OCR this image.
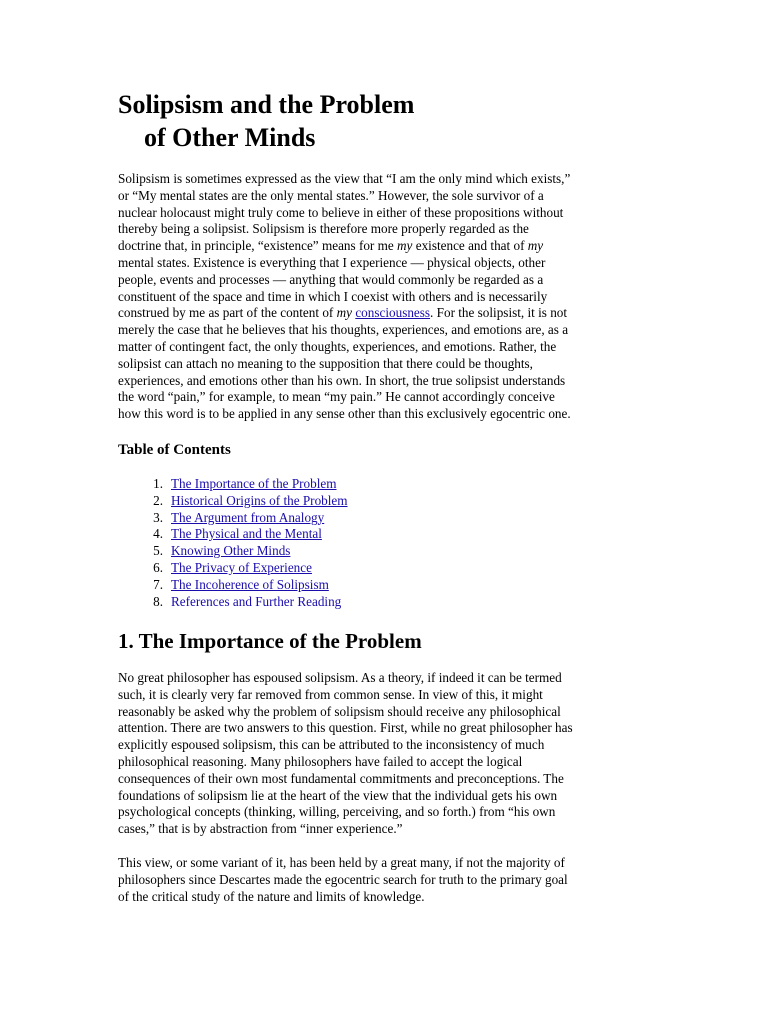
Solipsism and the Problem
of Other Minds

Solipsism is sometimes expressed as the view that “I am the only mind which exists,”
or “My mental states are the only mental states.” However, the sole survivor of a
nuclear holocaust might truly come to believe in either of these propositions without
thereby being a solipsist. Solipsism is therefore more properly regarded as the
doctrine that, in principle, “existence” means for me my existence and that of my
mental states. Existence is everything that I experience — physical objects, other
people, events and processes — anything that would commonly be regarded as a
constituent of the space and time in which I coexist with others and is necessarily
construed by me as part of the content of my consciousness. For the solipsist, it is not
merely the case that he believes that his thoughts, experiences, and emotions are, as a
matter of contingent fact, the only thoughts, experiences, and emotions. Rather, the
solipsist can attach no meaning to the supposition that there could be thoughts,
experiences, and emotions other than his own. In short, the true solipsist understands
the word “pain,” for example, to mean “my pain.” He cannot accordingly conceive
how this word is to be applied in any sense other than this exclusively egocentric one.

Table of Contents
1. The Importance of the Problem
2. Historical Origins of the Problem
3. The Argument from Analogy
4. The Physical and the Mental
5. Knowing Other Minds
6. The Privacy of Experience
7. The Incoherence of Solipsism
8. References and Further Reading
1. The Importance of the Problem

No great philosopher has espoused solipsism. As a theory, if indeed it can be termed
such, it is clearly very far removed from common sense. In view of this, it might
reasonably be asked why the problem of solipsism should receive any philosophical
attention. There are two answers to this question. First, while no great philosopher has
explicitly espoused solipsism, this can be attributed to the inconsistency of much
philosophical reasoning. Many philosophers have failed to accept the logical
consequences of their own most fundamental commitments and preconceptions. The
foundations of solipsism lie at the heart of the view that the individual gets his own
psychological concepts (thinking, willing, perceiving, and so forth.) from “his own
cases,” that is by abstraction from “inner experience.”

This view, or some variant of it, has been held by a great many, if not the majority of
philosophers since Descartes made the egocentric search for truth to the primary goal
of the critical study of the nature and limits of knowledge.
